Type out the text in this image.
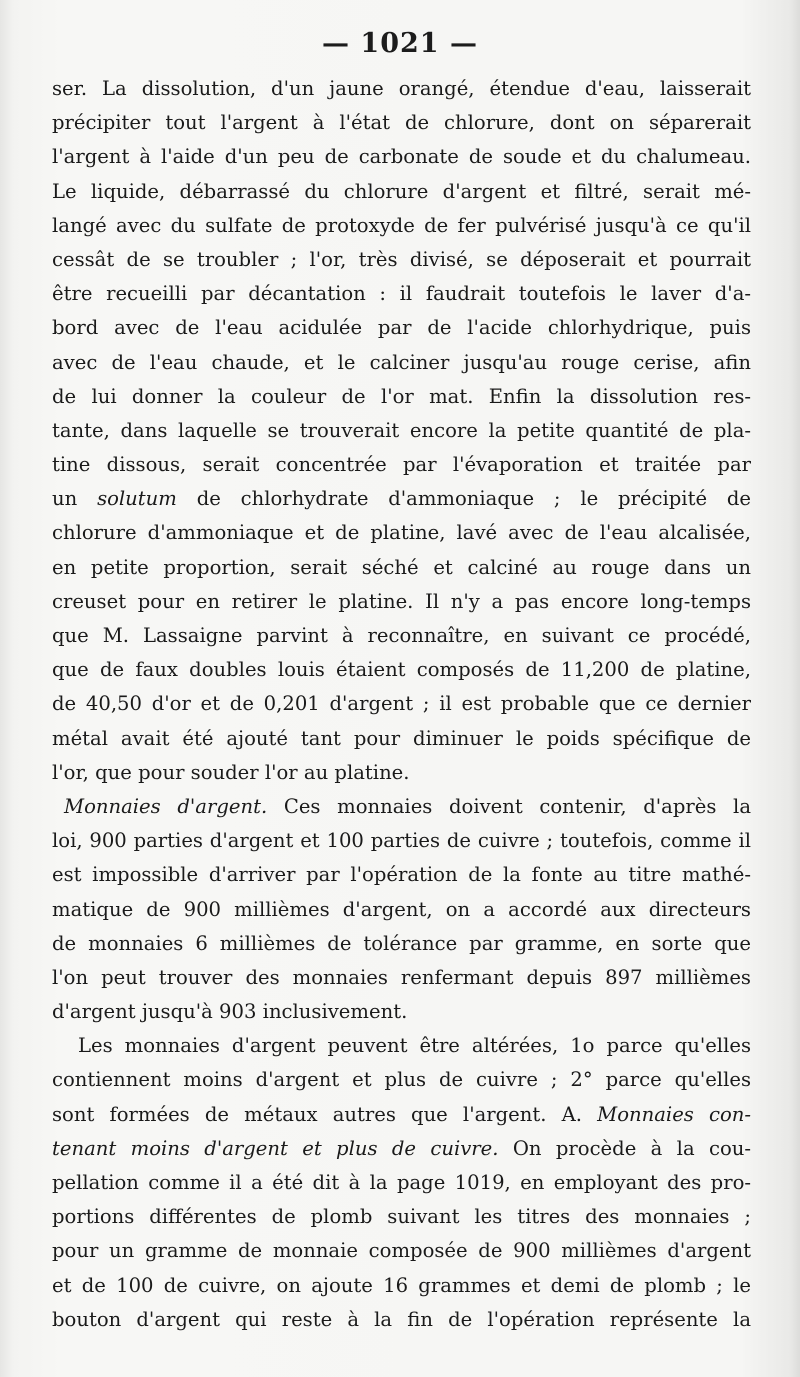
— 1021 —
ser. La dissolution, d'un jaune orangé, étendue d'eau, laisserait
précipiter tout l'argent à l'état de chlorure, dont on séparerait
l'argent à l'aide d'un peu de carbonate de soude et du chalumeau.
Le liquide, débarrassé du chlorure d'argent et filtré, serait mé-
langé avec du sulfate de protoxyde de fer pulvérisé jusqu'à ce qu'il
cessât de se troubler ; l'or, très divisé, se déposerait et pourrait
être recueilli par décantation : il faudrait toutefois le laver d'a-
bord avec de l'eau acidulée par de l'acide chlorhydrique, puis
avec de l'eau chaude, et le calciner jusqu'au rouge cerise, afin
de lui donner la couleur de l'or mat. Enfin la dissolution res-
tante, dans laquelle se trouverait encore la petite quantité de pla-
tine dissous, serait concentrée par l'évaporation et traitée par
un solutum de chlorhydrate d'ammoniaque ; le précipité de
chlorure d'ammoniaque et de platine, lavé avec de l'eau alcalisée,
en petite proportion, serait séché et calciné au rouge dans un
creuset pour en retirer le platine. Il n'y a pas encore long-temps
que M. Lassaigne parvint à reconnaître, en suivant ce procédé,
que de faux doubles louis étaient composés de 11,200 de platine,
de 40,50 d'or et de 0,201 d'argent ; il est probable que ce dernier
métal avait été ajouté tant pour diminuer le poids spécifique de
l'or, que pour souder l'or au platine.
Monnaies d'argent. Ces monnaies doivent contenir, d'après la
loi, 900 parties d'argent et 100 parties de cuivre ; toutefois, comme il
est impossible d'arriver par l'opération de la fonte au titre mathé-
matique de 900 millièmes d'argent, on a accordé aux directeurs
de monnaies 6 millièmes de tolérance par gramme, en sorte que
l'on peut trouver des monnaies renfermant depuis 897 millièmes
d'argent jusqu'à 903 inclusivement.
Les monnaies d'argent peuvent être altérées, 1o parce qu'elles
contiennent moins d'argent et plus de cuivre ; 2° parce qu'elles
sont formées de métaux autres que l'argent. A. Monnaies con-
tenant moins d'argent et plus de cuivre. On procède à la cou-
pellation comme il a été dit à la page 1019, en employant des pro-
portions différentes de plomb suivant les titres des monnaies ;
pour un gramme de monnaie composée de 900 millièmes d'argent
et de 100 de cuivre, on ajoute 16 grammes et demi de plomb ; le
bouton d'argent qui reste à la fin de l'opération représente la
